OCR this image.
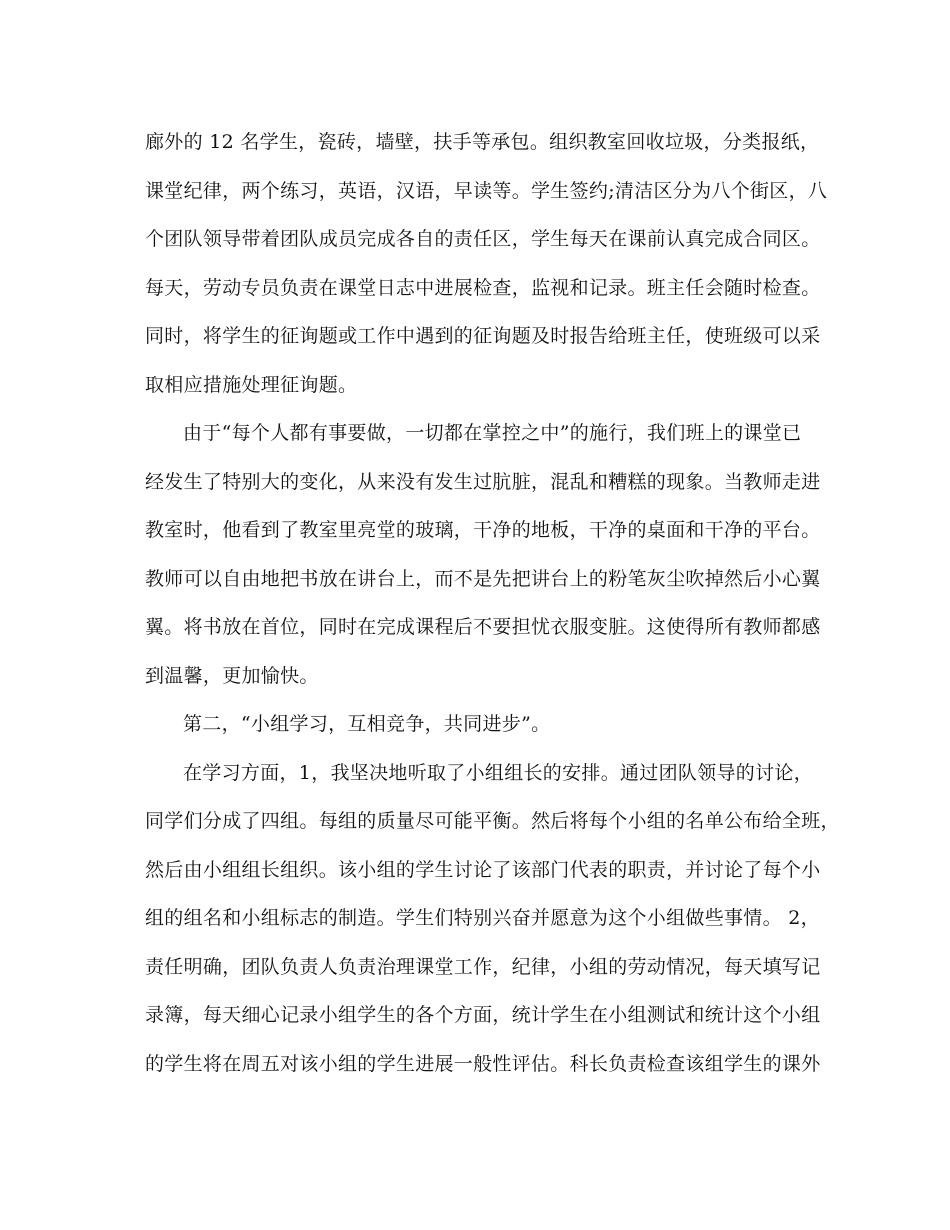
廊外的 12 名学生，瓷砖，墙壁，扶手等承包。组织教室回收垃圾，分类报纸，
课堂纪律，两个练习，英语，汉语，早读等。学生签约;清洁区分为八个街区，八
个团队领导带着团队成员完成各自的责任区，学生每天在课前认真完成合同区。
每天，劳动专员负责在课堂日志中进展检查，监视和记录。班主任会随时检查。
同时，将学生的征询题或工作中遇到的征询题及时报告给班主任，使班级可以采
取相应措施处理征询题。
由于“每个人都有事要做，一切都在掌控之中”的施行，我们班上的课堂已
经发生了特别大的变化，从来没有发生过肮脏，混乱和糟糕的现象。当教师走进
教室时，他看到了教室里亮堂的玻璃，干净的地板，干净的桌面和干净的平台。
教师可以自由地把书放在讲台上，而不是先把讲台上的粉笔灰尘吹掉然后小心翼
翼。将书放在首位，同时在完成课程后不要担忧衣服变脏。这使得所有教师都感
到温馨，更加愉快。
第二，“小组学习，互相竞争，共同进步”。
在学习方面，1，我坚决地听取了小组组长的安排。通过团队领导的讨论，
同学们分成了四组。每组的质量尽可能平衡。然后将每个小组的名单公布给全班，
然后由小组组长组织。该小组的学生讨论了该部门代表的职责，并讨论了每个小
组的组名和小组标志的制造。学生们特别兴奋并愿意为这个小组做些事情。 2，
责任明确，团队负责人负责治理课堂工作，纪律，小组的劳动情况，每天填写记
录簿，每天细心记录小组学生的各个方面，统计学生在小组测试和统计这个小组
的学生将在周五对该小组的学生进展一般性评估。科长负责检查该组学生的课外
